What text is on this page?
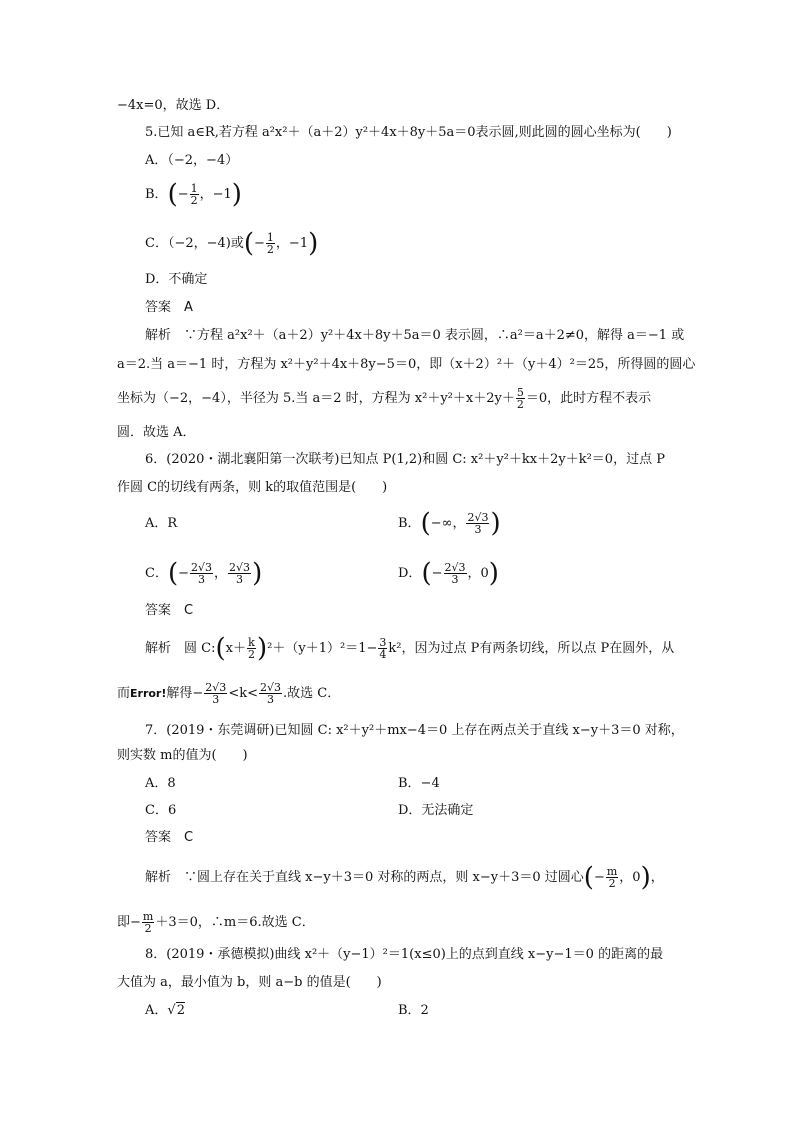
−4x=0，故选 D．
5.已知 a∈R,若方程 a²x²＋（a＋2）y²＋4x＋8y＋5a＝0表示圆,则此圆的圆心坐标为(　　)
A．（−2，−4）
B．(− $\frac{1}{2}$ ，−1)
C．（−2，−4)或(− $\frac{1}{2}$ ，−1)
D．不确定
答案　 A
解析　 ∵方程 a²x²＋（a＋2）y²＋4x＋8y＋5a＝0 表示圆，∴a²＝a＋2≠0，解得 a＝−1 或
a＝2.当 a＝−1 时，方程为 x²＋y²＋4x＋8y−5＝0，即（x＋2）²＋（y＋4）²＝25，所得圆的圆心
坐标为（−2，−4），半径为 5.当 a＝2 时，方程为 $x^2+y^2+x+2y+ \frac{5}{2} =0$，此时方程不表示
圆．故选 A．
6．(2020・湖北襄阳第一次联考)已知点 P(1,2)和圆 C: x²＋y²＋kx＋2y＋k²＝0，过点 P
作圆 C的切线有两条，则 k的取值范围是(　　)
A．R	B．(−∞， $\frac{2√3}{3}$ )
C．(− $\frac{2√3}{3}$ ， $\frac{2√3}{3}$ )	D．(− $\frac{2√3}{3}$ ，0)
答案　 C
解析　 圆 C:(x＋ $\frac{k}{2} )^2+(y+1)^2=1- \frac{3}{4} k^2$，因为过点 P有两条切线，所以点 P在圆外，从
而Error!解得− $\frac{2√3}{3} <k< \frac{2√3}{3}$ .故选 C．
7．(2019・东莞调研)已知圆 C: x²＋y²＋mx−4＝0 上存在两点关于直线 x−y＋3＝0 对称，
则实数 m的值为(　　)
A．8	B．−4
C．6	D．无法确定
答案　 C
解析　 ∵圆上存在关于直线 x−y＋3＝0 对称的两点，则 x−y＋3＝0 过圆心(− $\frac{m}{2}$ ，0)，
即− $\frac{m}{2} +3=0$，∴m＝6.故选 C．
8．(2019・承德模拟)曲线 x²＋（y−1）²＝1(x≤0)上的点到直线 x−y−1＝0 的距离的最
大值为 a，最小值为 b，则 a−b 的值是(　　)
A．√2	B．2
